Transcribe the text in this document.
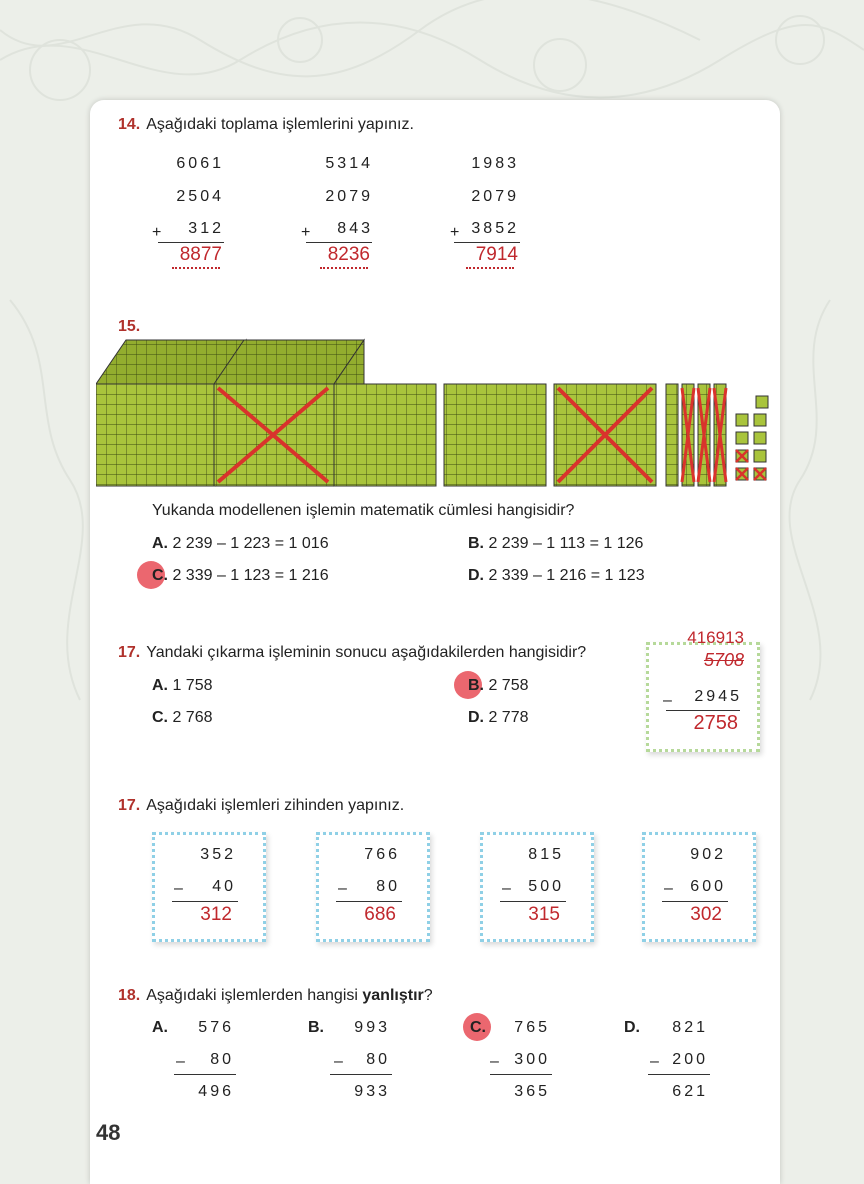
14. Aşağıdaki toplama işlemlerini yapınız.
6061
2504
+	312
8877
5314
2079
+	843
8236
1983
2079
+ 3852
7914
15.
Yukanda modellenen işlemin matematik cümlesi hangisidir?
A. 2 239 – 1 223 = 1 016	B. 2 239 – 1 113 = 1 126
C. 2 339 – 1 123 = 1 216	D. 2 339 – 1 216 = 1 123
17. Yandaki çıkarma işleminin sonucu aşağıdakilerden hangisidir?
A. 1 758	B. 2 758
C. 2 768	D. 2 778
416913
5708
–	2945
2758
17. Aşağıdaki işlemleri zihinden yapınız.
352
–	40
312
766
–	80
686
815
–	500
315
902
–	600
302
18. Aşağıdaki işlemlerden hangisi yanlıştır?
A.	576
–	80
496
B.	993
–	80
933
C.	765
– 300
365
D.	821
– 200
621
48
